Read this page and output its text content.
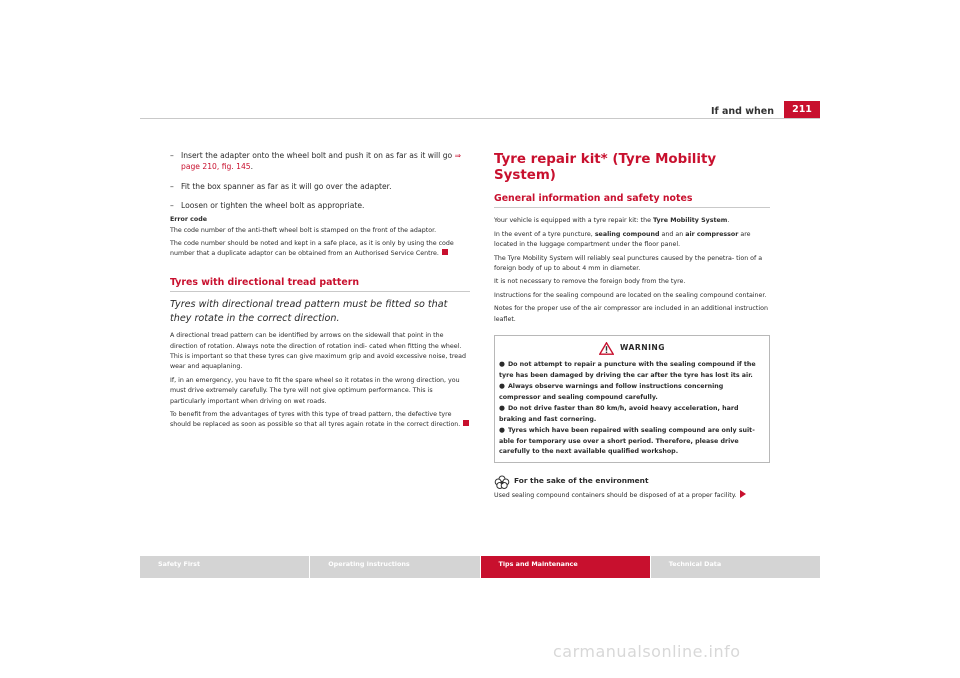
If and when	211
– Insert the adapter onto the wheel bolt and push it on as far as it will go ⇒ page 210, fig. 145.
– Fit the box spanner as far as it will go over the adapter.
– Loosen or tighten the wheel bolt as appropriate.
Error code

The code number of the anti-theft wheel bolt is stamped on the front of the adaptor.

The code number should be noted and kept in a safe place, as it is only by using the code number that a duplicate adaptor can be obtained from an Authorised Service Centre.

Tyres with directional tread pattern
Tyres with directional tread pattern must be fitted so that they rotate in the correct direction.

A directional tread pattern can be identified by arrows on the sidewall that point in the direction of rotation. Always note the direction of rotation indi- cated when fitting the wheel. This is important so that these tyres can give maximum grip and avoid excessive noise, tread wear and aquaplaning.

If, in an emergency, you have to fit the spare wheel so it rotates in the wrong direction, you must drive extremely carefully. The tyre will not give optimum performance. This is particularly important when driving on wet roads.

To benefit from the advantages of tyres with this type of tread pattern, the defective tyre should be replaced as soon as possible so that all tyres again rotate in the correct direction.

Tyre repair kit* (Tyre Mobility System)
General information and safety notes

Your vehicle is equipped with a tyre repair kit: the Tyre Mobility System.

In the event of a tyre puncture, sealing compound and an air compressor are located in the luggage compartment under the floor panel.

The Tyre Mobility System will reliably seal punctures caused by the penetra- tion of a foreign body of up to about 4 mm in diameter.

It is not necessary to remove the foreign body from the tyre.

Instructions for the sealing compound are located on the sealing compound container.

Notes for the proper use of the air compressor are included in an additional instruction leaflet.

WARNING
● Do not attempt to repair a puncture with the sealing compound if the tyre has been damaged by driving the car after the tyre has lost its air.
● Always observe warnings and follow instructions concerning compressor and sealing compound carefully.
● Do not drive faster than 80 km/h, avoid heavy acceleration, hard braking and fast cornering.
● Tyres which have been repaired with sealing compound are only suit- able for temporary use over a short period. Therefore, please drive carefully to the next available qualified workshop.
For the sake of the environment
Used sealing compound containers should be disposed of at a proper facility.
Safety First	Operating instructions	Tips and Maintenance	Technical Data
carmanualsonline.info
